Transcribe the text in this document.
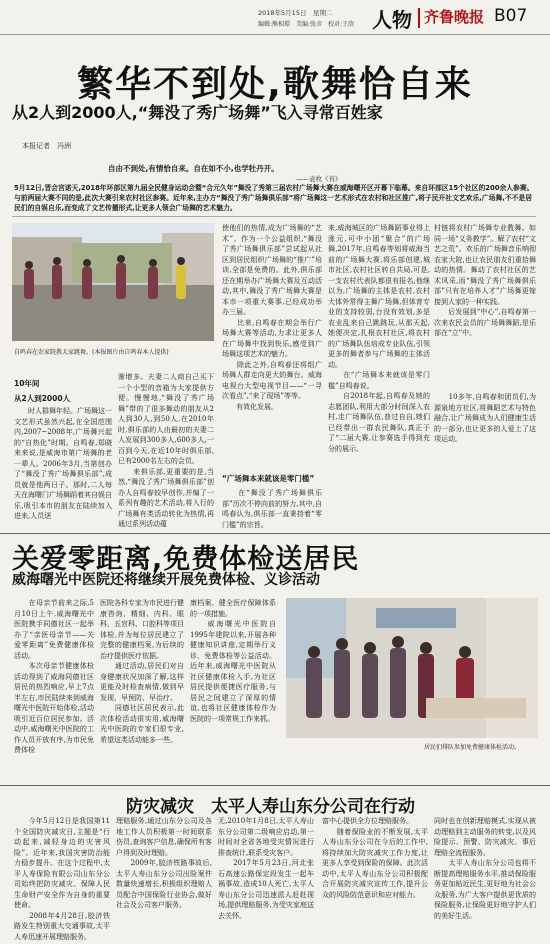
2018年5月15日　星期二
编辑:熊相璟　美编:张彦　校对:王欣 人物 齐鲁晚报 B07
繁华不到处,歌舞恰自来
从2人到2000人,“舞没了秀广场舞”飞入寻常百姓家
本报记者　冯洲
自由不到处,有情恰自来。自在如不小,也学牡丹开。
——袁枚《苔》
5月12日,晋会宫诺天,2018年环部区第九届全民健身运动会暨“合元久年”舞没了秀第三届农村广场舞大赛在威海曙开区开幕下临幕。来自环部区15个社区的200余人参赛。与前两届大赛不同的是,此次大赛引来农村社区参赛。近年来,主办方“舞没了秀广场舞俱乐部”将广场舞这一艺术形式在农村和社区推广,将子民开社文艺欢乐,广场舞,不不是居民们的自娱自乐,而变成了文艺传播形式,让更多人领会广场舞的艺术魅力。
自鸣春在农家院教大家跳舞。(本报图片由自鸣春本人提供)
10年间
从2人到2000人
　　时人群舞年轻。广场舞这一文艺形式虽然兴起,在全国范围内,2007~2008年,广场舞兴起的“自热化”时期。自鸣春,郑晓来来说,是威海市第广场舞的老一辈人。2006年3月,当第创办了“舞没了秀广场舞俱乐部”,成员就是他两日子。那时,二人每天在海曙门广场舞蹈着其自娱自乐,吸引本市的朋友在陆续加入进来,人员逐
渐增多。夫妻二人商自己买下一个小型的音箱为大家提供方便。慢慢地,“舞没了秀广场舞”带的了很多舞动的朋友从2人到30人,到50人,在2010年时,俱乐部的人由最初的夫妻二人发展到300多人,600多人,一百到今天,在近10年时俱乐部,已有2000名左右的会员。
　　来俱乐部,更重要的是,当然,“舞没了秀广场舞俱乐部”创办人自鸣春较早创作,并编了一系列有趣的艺术活动,将入行的广场舞有类活动转化为热情,再通过系列活动蕴
使他们的热情,成为广场舞的“艺术”。作为一个公益组织,“舞没了秀广场舞俱乐部”尝试起从社区到居民组织广场舞的“推广”培训,全部是免费的。此外,俱乐部还在期举办广场舞大赛及互动活动,其中,舞没了秀广场舞大赛是本市一项重大赛事,已经成功举办三届。
　　比来,自鸣春在期会举行广场舞大赛等活动,力求让更多人在广场舞中找到快乐,感受到广场舞这项艺术的魅力。
　　除此之外,自鸣春还将组广场舞人群走向更大的舞台。威海电视台大型电视节目——“一寻次看点”,“来了现场”等等。
　　有效化发展。
“广场舞本来就该是零门槛”
　　在“舞没了秀广场舞俱乐部”历次不停向前的努力,其中,自鸣春认为,俱乐部一直秉持着“零门槛”的宗旨。
来,威海城区的广场舞蹈事业得上涨元,可中小团“聚合”的广场舞,2017年,自鸣春等划将威海当前的广场舞大赛,将乐部创建,城市社区,农村社区转自共局,可是,一支农村代表队都很有报名,他继以为,广场舞的主体是农村,农村大体外常得主舞广场舞,但体育专业的支持较弱,台没有效划,多是农业乱来自己跳跳玩,从那天起,她便决定,扎根农村社区,将农村的广场舞队伍培成专业队伍,引领更多的舞者参与广场舞的主体活动。
　　在“广场舞本来就该是零门槛”自鸣春说。
　　自2018年起,自鸣春及她的志愿团队,利用大部分时间深入农村,走广场舞队伍,普过自自,她们已经带出一群农民舞队,真正于了“二届大赛,让参赛选手得到充分的展示。
村链将农村广场舞专业教舞。如同一场“义务教学”。解了农村“文艺之荒”。欢乐的广场舞音乐响彻农家大院,也让农民朋友们重拾舞动的热情。舞动了农村社区的艺术风采,而“舞没了秀广场舞俱乐部”只有在培养人才”广场舞更嫁接到人家的一种实践。
　　后发展到“中心”,自鸣春第一次来农民会员的广场舞舞蹈,是乐部在“立”中。
　　10多年,自鸣春和团员们,为源泉地方社区,将舞蹈艺术与特色融合,让广场舞成为人们健康生活的一部分,也让更多的人爱上了这项运动。
关爱零距离,免费体检送居民
威海曙光中医院还将继续开展免费体检、义诊活动
　　在母亲节前来之际,5月10日上午,威海曙光中医院携手同德社区一起举办了“亲医母亲节——关爱零距离”免费健康体检活动。
　　本次母亲节健康体检活动得到了威海同德社区居民的热烈响应,早上7点半左右,市民陆续来到威海曙光中医院开始体检,活动吸引近百位居民参加。活动中,威海曙光中医院的工作人员开放有序,为市民免费体检
医院各科专家为市民进行健康咨询、精细、内科、眼科、五官科、口腔科等项目体检,并为每位居民建立了完整的健康档案,为后续的治疗提供医疗依据。
　　通过活动,居民们对自身健康状况加深了解,这样更能及时检查病情,做到早发现、早预防、早治疗。
　　同德社区居民表示,此次体检活动很实用,威海曙光中医院的专家们很专业,希望这类活动能多一些。
康档案、健全医疗保障体系的一项措施。
　　威海曙光中医院自1995年建院以来,开展各种健康知识讲座,定期举行义诊、免费体检等公益活动。近年来,威海曙光中医院从社区健康体检入手,为社区居民提供便捷医疗服务,与居民之间建立了深厚的情谊,也将社区健康体检作为医院的一项常规工作来抓。
居民们排队参加免费健康体检活动。
防灾减灾　太平人寿山东分公司在行动
　　今年5月12日是我国第11个全国防灾减灾日,主题是“行动起来,减轻身边的灾害风险”。近年来,我国灾害防治能力稳步提升。在这个过程中,太平人寿保险有限公司山东分公司始终把防灾减灾、保障人民生命财产安全作为自身的重要使命。
　　2008年4月28日,胶济铁路发生特别重大交通事故,太平人寿迅速开展理赔服务。
理赔服务,通过山东分公司及各地工作人员积极第一时间联系伤员,查询客户信息,确保所有客户得到及时理赔。
　　2009年,胶济铁路事故后,太平人寿山东分公司出险案件数量快速增长,积极组织理赔人员配合中国保险行业协会,做好社会及公司客户服务。
无,2010年1月8日,太平人寿山东分公司第二级响应启动,第一时间对全省各地受灾情况进行排查统计,联系受灾客户。
　　2017年5月23日,河北张石高速公路保定段发生一起车祸事故,造成10人死亡,太平人寿山东分公司迅速派人赶赴现场,提供理赔服务,为受灾家庭送去关怀。
富中心提供全方位理赔服务。
　　随着保险业的不断发展,太平人寿山东分公司在今后的工作中,将持续加大防灾减灾工作力度,让更多人享受到保险的保障。此次活动中,太平人寿山东分公司积极配合开展防灾减灾宣传工作,提升公众的风险防范意识和应对能力。
同时也在创新理赔模式,实现从被动理赔到主动服务的转变,以及风险提示、预警、防灾减灾、事后理赔全流程服务。
　　太平人寿山东分公司也将不断提高理赔服务水平,推动保险服务更加贴近民生,更好地为社会公众服务,为广大客户提供更优质的保险服务,让保险更好地守护人们的美好生活。
